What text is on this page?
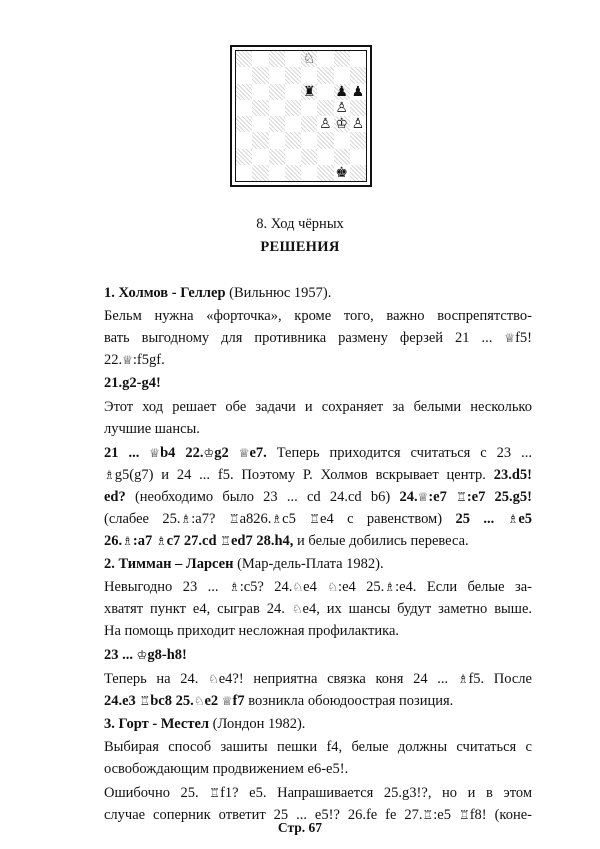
♘
♜ ♟ ♟
♙
♙ ♔ ♙
♚
8. Ход чёрных
РЕШЕНИЯ
1. Холмов - Геллер (Вильнюс 1957).
Бельм нужна «форточка», кроме того, важно воспрепятство-
вать выгодному для противника размену ферзей 21 ... ♕f5!
22.♕:f5gf.
21.g2-g4!
Этот ход решает обе задачи и сохраняет за белыми несколько
лучшие шансы.
21 ... ♕b4 22.♔g2 ♕e7. Теперь приходится считаться с 23 ...
♗g5(g7) и 24 ... f5. Поэтому Р. Холмов вскрывает центр. 23.d5!
ed? (необходимо было 23 ... cd 24.cd b6) 24.♕:e7 ♖:e7 25.g5!
(слабее 25.♗:a7? ♖a826.♗c5 ♖e4 с равенством) 25 ... ♗e5
26.♗:a7 ♗c7 27.cd ♖ed7 28.h4, и белые добились перевеса.
2. Тимман – Ларсен (Мар-дель-Плата 1982).
Невыгодно 23 ... ♗:c5? 24.♘e4 ♘:e4 25.♗:e4. Если белые за-
хватят пункт e4, сыграв 24. ♘e4, их шансы будут заметно выше.
На помощь приходит несложная профилактика.
23 ... ♔g8-h8!
Теперь на 24. ♘e4?! неприятна связка коня 24 ... ♗f5. После
24.e3 ♖bc8 25.♘e2 ♕f7 возникла обоюдоострая позиция.
3. Горт - Местел (Лондон 1982).
Выбирая способ зашиты пешки f4, белые должны считаться с
освобождающим продвижением e6-e5!.
Ошибочно 25. ♖f1? e5. Напрашивается 25.g3!?, но и в этом
случае соперник ответит 25 ... e5!? 26.fe fe 27.♖:e5 ♖f8! (коне-
Стр. 67
